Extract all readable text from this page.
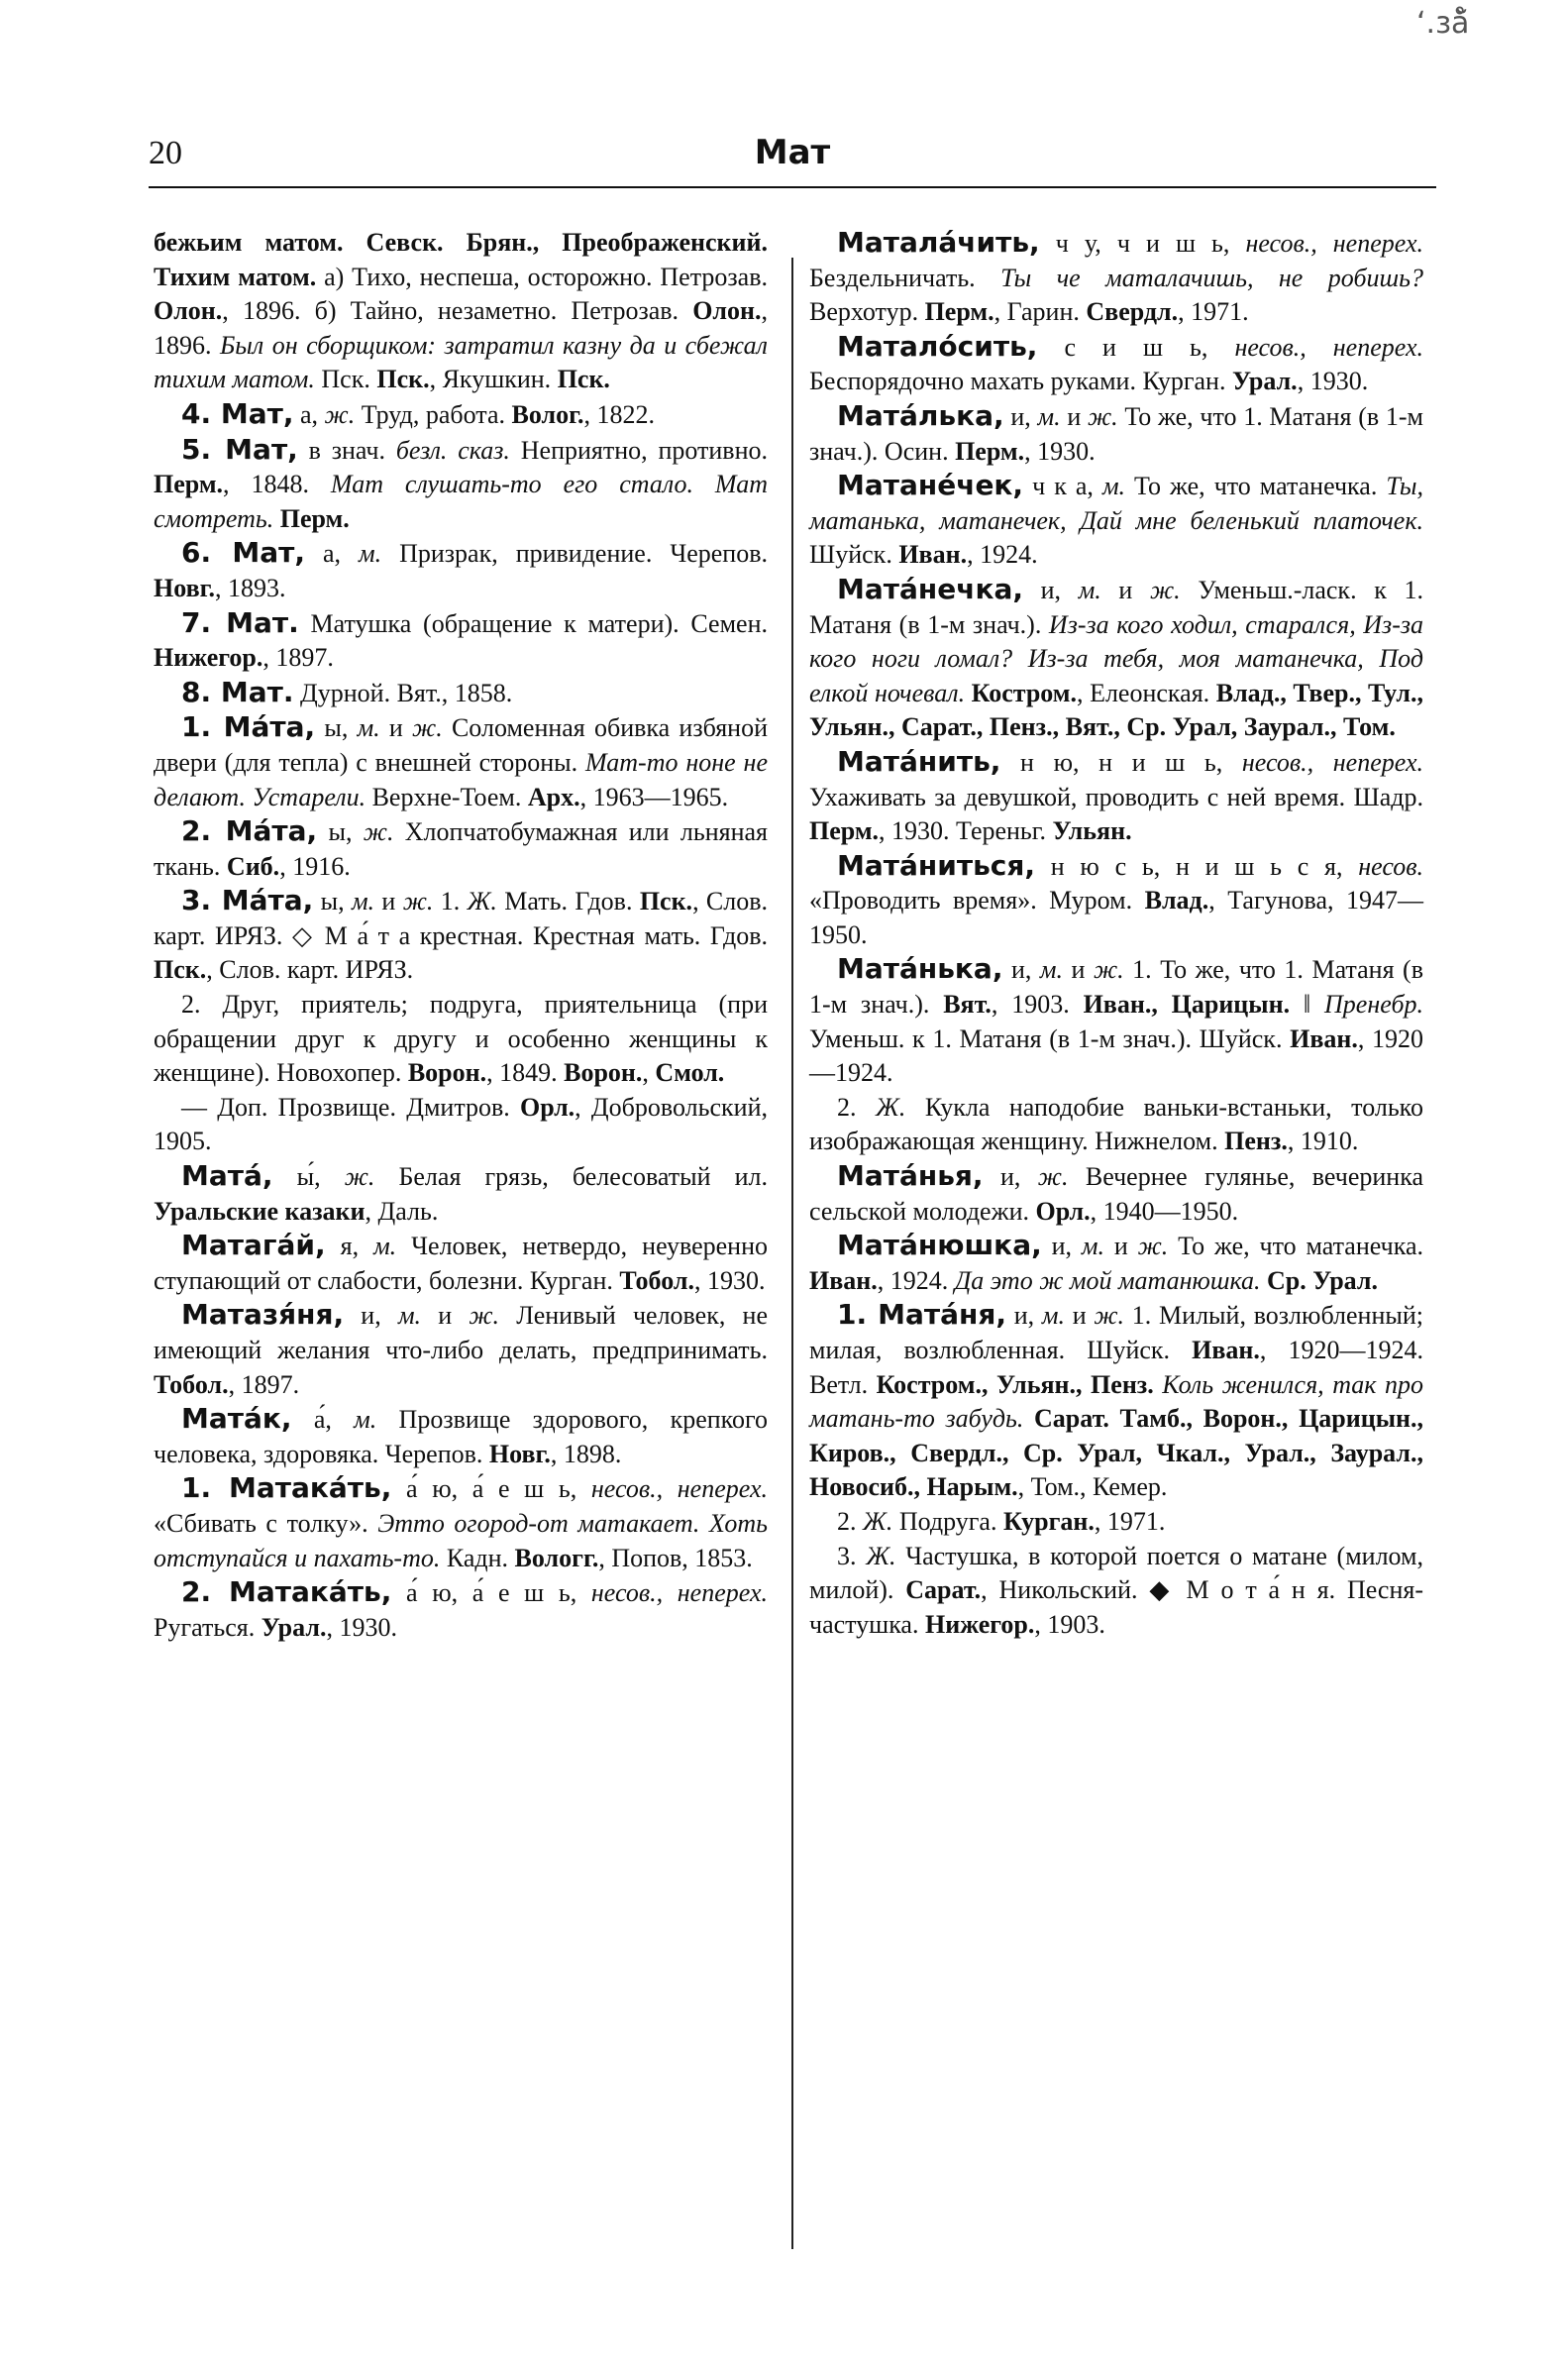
20	Мат
‘.зå̆

бежьим матом. Севск. Брян., Преображенский. Тихим матом. а) Тихо, неспеша, осторожно. Петрозав. Олон., 1896. б) Тайно, незаметно. Петрозав. Олон., 1896. Был он сборщиком: затратил казну да и сбежал тихим матом. Пск. Пск., Якушкин. Пск.

4. Мат, а, ж. Труд, работа. Волог., 1822.

5. Мат, в знач. безл. сказ. Неприятно, противно. Перм., 1848. Мат слушать-то его стало. Мат смотреть. Перм.

6. Мат, а, м. Призрак, привидение. Черепов. Новг., 1893.

7. Мат. Матушка (обращение к матери). Семен. Нижегор., 1897.

8. Мат. Дурной. Вят., 1858.

1. Ма́та, ы, м. и ж. Соломенная обивка избяной двери (для тепла) с внешней стороны. Мат-то ноне не делают. Устарели. Верхне-Тоем. Арх., 1963—1965.

2. Ма́та, ы, ж. Хлопчатобумажная или льняная ткань. Сиб., 1916.

3. Ма́та, ы, м. и ж. 1. Ж. Мать. Гдов. Пск., Слов. карт. ИРЯЗ. ◇ М а́ т а крестная. Крестная мать. Гдов. Пск., Слов. карт. ИРЯЗ.

2. Друг, приятель; подруга, приятельница (при обращении друг к другу и особенно женщины к женщине). Новохопер. Ворон., 1849. Ворон., Смол.

— Доп. Прозвище. Дмитров. Орл., Добровольский, 1905.

Мата́, ы́, ж. Белая грязь, белесоватый ил. Уральские казаки, Даль.

Матага́й, я, м. Человек, нетвердо, неуверенно ступающий от слабости, болезни. Курган. Тобол., 1930.

Матазя́ня, и, м. и ж. Ленивый человек, не имеющий желания что-либо делать, предпринимать. Тобол., 1897.

Мата́к, а́, м. Прозвище здорового, крепкого человека, здоровяка. Черепов. Новг., 1898.

1. Матака́ть, а́ ю, а́ е ш ь, несов., неперех. «Сбивать с толку». Этто огород-от матакает. Хоть отступайся и пахать-то. Кадн. Вологг., Попов, 1853.

2. Матака́ть, а́ ю, а́ е ш ь, несов., неперех. Ругаться. Урал., 1930.

Матала́чить, ч у, ч и ш ь, несов., неперех. Бездельничать. Ты че маталачишь, не робишь? Верхотур. Перм., Гарин. Свердл., 1971.

Матало́сить, с и ш ь, несов., неперех. Беспорядочно махать руками. Курган. Урал., 1930.

Мата́лька, и, м. и ж. То же, что 1. Матаня (в 1-м знач.). Осин. Перм., 1930.

Матане́чек, ч к а, м. То же, что матанечка. Ты, матанька, матанечек, Дай мне беленький платочек. Шуйск. Иван., 1924.

Мата́нечка, и, м. и ж. Уменьш.-ласк. к 1. Матаня (в 1-м знач.). Из-за кого ходил, старался, Из-за кого ноги ломал? Из-за тебя, моя матанечка, Под елкой ночевал. Костром., Елеонская. Влад., Твер., Тул., Ульян., Сарат., Пенз., Вят., Ср. Урал, Заурал., Том.

Мата́нить, н ю, н и ш ь, несов., неперех. Ухаживать за девушкой, проводить с ней время. Шадр. Перм., 1930. Тереньг. Ульян.

Мата́ниться, н ю с ь, н и ш ь с я, несов. «Проводить время». Муром. Влад., Тагунова, 1947—1950.

Мата́нька, и, м. и ж. 1. То же, что 1. Матаня (в 1-м знач.). Вят., 1903. Иван., Царицын. ‖ Пренебр. Уменьш. к 1. Матаня (в 1-м знач.). Шуйск. Иван., 1920—1924.

2. Ж. Кукла наподобие ваньки-встаньки, только изображающая женщину. Нижнелом. Пенз., 1910.

Мата́нья, и, ж. Вечернее гулянье, вечеринка сельской молодежи. Орл., 1940—1950.

Мата́нюшка, и, м. и ж. То же, что матанечка. Иван., 1924. Да это ж мой матанюшка. Ср. Урал.

1. Мата́ня, и, м. и ж. 1. Милый, возлюбленный; милая, возлюбленная. Шуйск. Иван., 1920—1924. Ветл. Костром., Ульян., Пенз. Коль женился, так про матань-то забудь. Сарат. Тамб., Ворон., Царицын., Киров., Свердл., Ср. Урал, Чкал., Урал., Заурал., Новосиб., Нарым., Том., Кемер.

2. Ж. Подруга. Курган., 1971.

3. Ж. Частушка, в которой поется о матане (милом, милой). Сарат., Никольский. ◆ М о т а́ н я. Песня-частушка. Нижегор., 1903.
